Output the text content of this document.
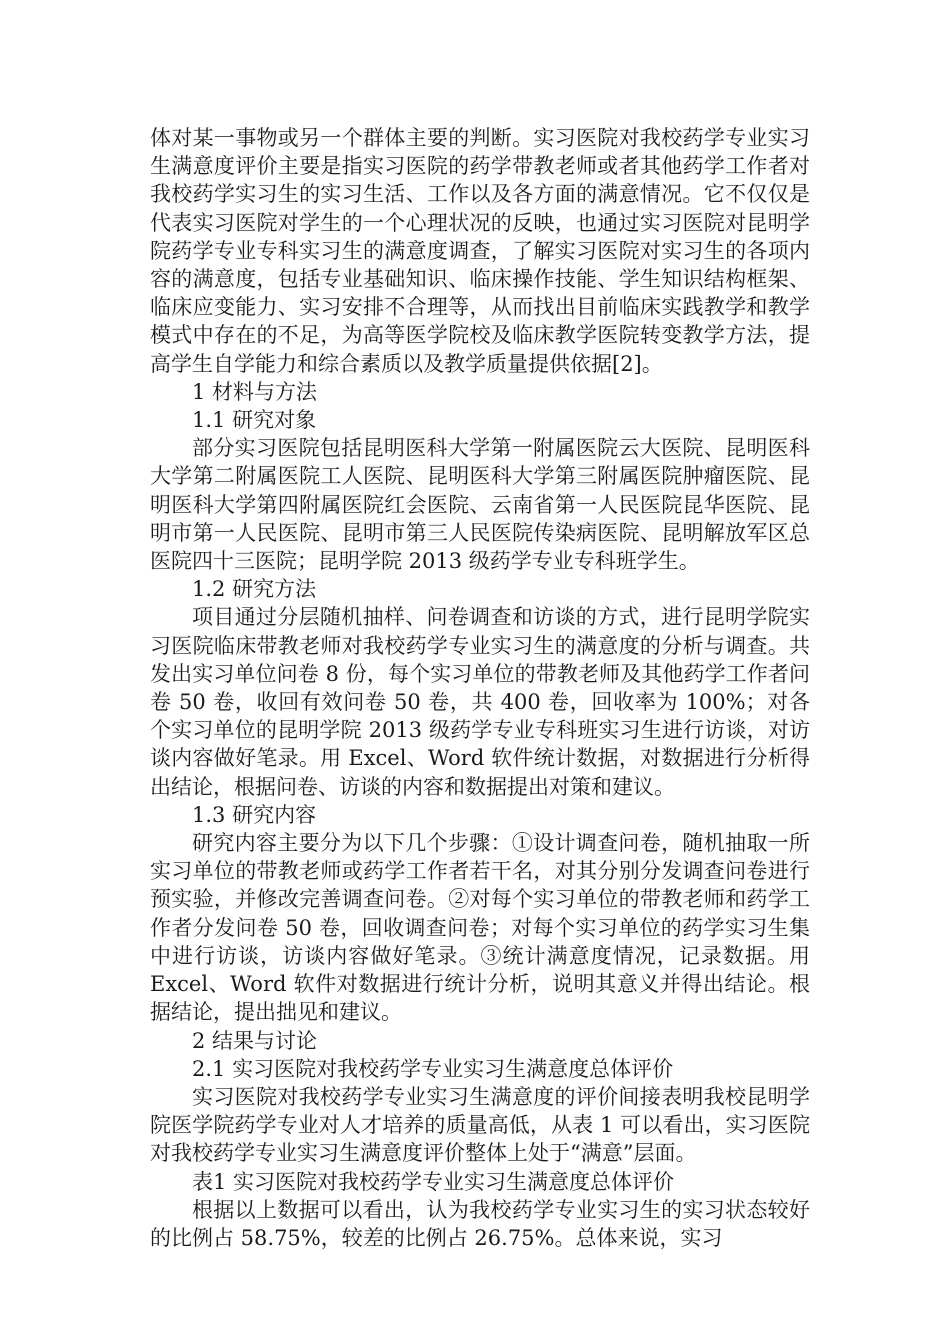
体对某一事物或另一个群体主要的判断。实习医院对我校药学专业实习生满意度评价主要是指实习医院的药学带教老师或者其他药学工作者对我校药学实习生的实习生活、工作以及各方面的满意情况。它不仅仅是代表实习医院对学生的一个心理状况的反映，也通过实习医院对昆明学院药学专业专科实习生的满意度调查，了解实习医院对实习生的各项内容的满意度，包括专业基础知识、临床操作技能、学生知识结构框架、临床应变能力、实习安排不合理等，从而找出目前临床实践教学和教学模式中存在的不足，为高等医学院校及临床教学医院转变教学方法，提高学生自学能力和综合素质以及教学质量提供依据[2]。

1 材料与方法

1.1 研究对象

部分实习医院包括昆明医科大学第一附属医院云大医院、昆明医科大学第二附属医院工人医院、昆明医科大学第三附属医院肿瘤医院、昆明医科大学第四附属医院红会医院、云南省第一人民医院昆华医院、昆明市第一人民医院、昆明市第三人民医院传染病医院、昆明解放军区总医院四十三医院；昆明学院 2013 级药学专业专科班学生。

1.2 研究方法

项目通过分层随机抽样、问卷调查和访谈的方式，进行昆明学院实习医院临床带教老师对我校药学专业实习生的满意度的分析与调查。共发出实习单位问卷 8 份，每个实习单位的带教老师及其他药学工作者问卷 50 卷，收回有效问卷 50 卷，共 400 卷，回收率为 100%；对各个实习单位的昆明学院 2013 级药学专业专科班实习生进行访谈，对访谈内容做好笔录。用 Excel、Word 软件统计数据，对数据进行分析得出结论，根据问卷、访谈的内容和数据提出对策和建议。

1.3 研究内容

研究内容主要分为以下几个步骤：①设计调查问卷，随机抽取一所实习单位的带教老师或药学工作者若干名，对其分别分发调查问卷进行预实验，并修改完善调查问卷。②对每个实习单位的带教老师和药学工作者分发问卷 50 卷，回收调查问卷；对每个实习单位的药学实习生集中进行访谈，访谈内容做好笔录。③统计满意度情况，记录数据。用 Excel、Word 软件对数据进行统计分析，说明其意义并得出结论。根据结论，提出拙见和建议。

2 结果与讨论

2.1 实习医院对我校药学专业实习生满意度总体评价

实习医院对我校药学专业实习生满意度的评价间接表明我校昆明学院医学院药学专业对人才培养的质量高低，从表 1 可以看出，实习医院对我校药学专业实习生满意度评价整体上处于“满意”层面。

表1 实习医院对我校药学专业实习生满意度总体评价

根据以上数据可以看出，认为我校药学专业实习生的实习状态较好的比例占 58.75%，较差的比例占 26.75%。总体来说，实习
